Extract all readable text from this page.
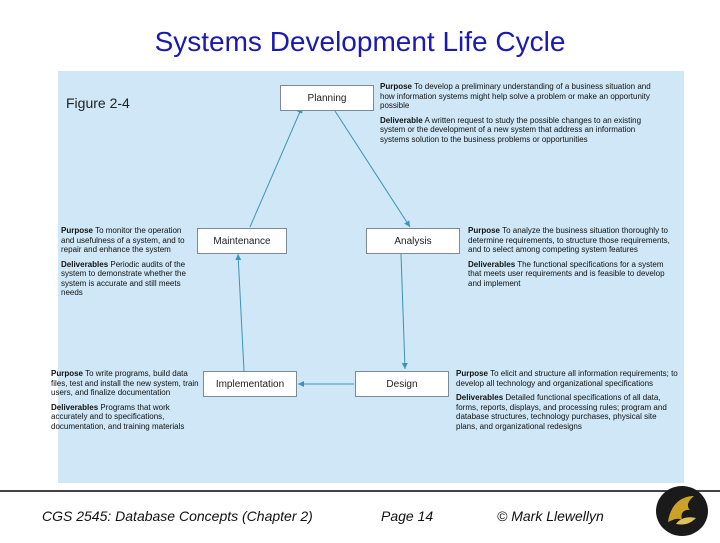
Systems Development Life Cycle
Figure 2-4	Planning
Maintenance	Analysis
Implementation	Design

Purpose To develop a preliminary understanding of a business situation and how information systems might help solve a problem or make an opportunity possible

Deliverable A written request to study the possible changes to an existing system or the development of a new system that address an information systems solution to the business problems or opportunities

Purpose To monitor the operation and usefulness of a system, and to repair and enhance the system

Deliverables Periodic audits of the system to demonstrate whether the system is accurate and still meets needs

Purpose To analyze the business situation thoroughly to determine requirements, to structure those requirements, and to select among competing system features

Deliverables The functional specifications for a system that meets user requirements and is feasible to develop and implement

Purpose To write programs, build data files, test and install the new system, train users, and finalize documentation

Deliverables Programs that work accurately and to specifications, documentation, and training materials

Purpose To elicit and structure all information requirements; to develop all technology and organizational specifications

Deliverables Detailed functional specifications of all data, forms, reports, displays, and processing rules; program and database structures, technology purchases, physical site plans, and organizational redesigns

CGS 2545: Database Concepts (Chapter 2)	Page 14	© Mark Llewellyn
